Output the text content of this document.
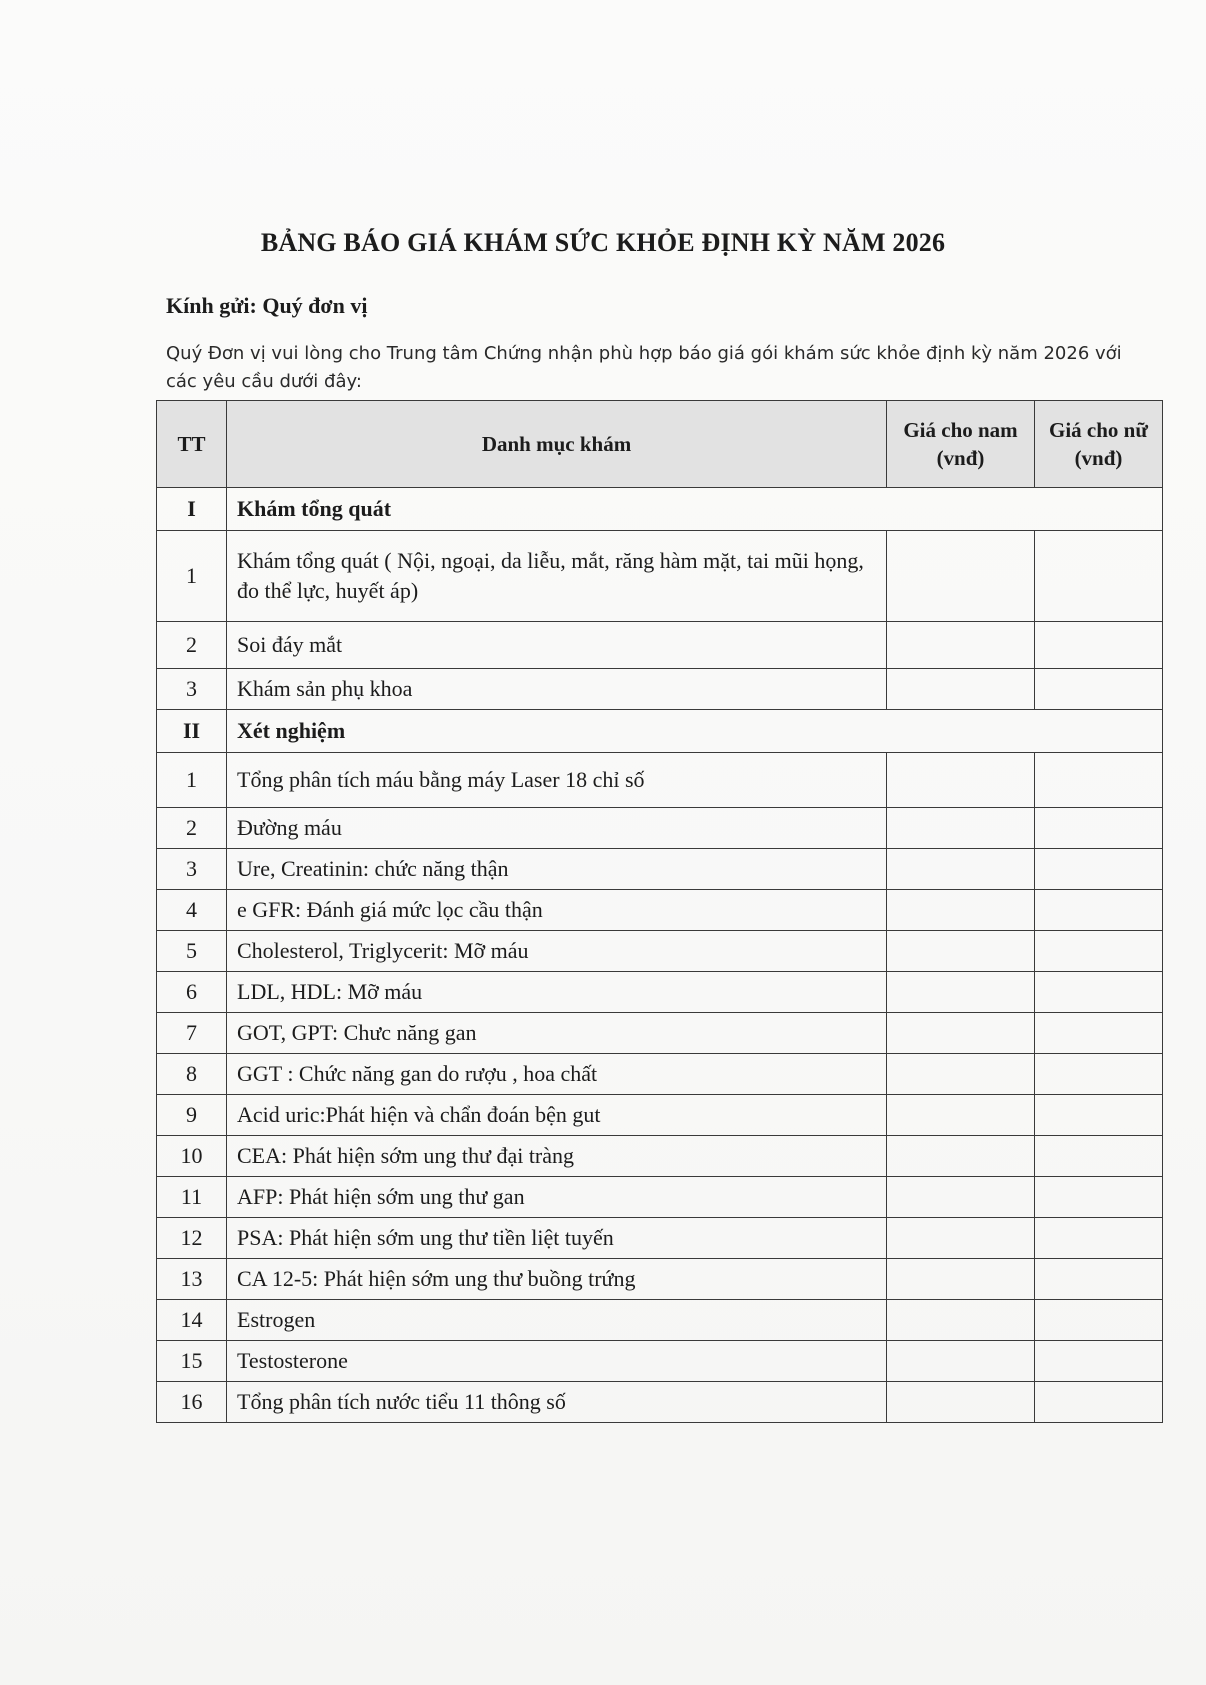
BẢNG BÁO GIÁ KHÁM SỨC KHỎE ĐỊNH KỲ NĂM 2026
Kính gửi: Quý đơn vị
Quý Đơn vị vui lòng cho Trung tâm Chứng nhận phù hợp báo giá gói khám sức khỏe định kỳ năm 2026 với các yêu cầu dưới đây:
TT	Danh mục khám	Giá cho nam (vnđ)	Giá cho nữ (vnđ)
I	Khám tổng quát		
1	Khám tổng quát ( Nội, ngoại, da liễu, mắt, răng hàm mặt, tai mũi họng, đo thể lực, huyết áp)		
2	Soi đáy mắt		
3	Khám sản phụ khoa		
II	Xét nghiệm		
1	Tổng phân tích máu bằng máy Laser 18 chỉ số		
2	Đường máu		
3	Ure, Creatinin: chức năng thận		
4	e GFR: Đánh giá mức lọc cầu thận		
5	Cholesterol, Triglycerit: Mỡ máu		
6	LDL, HDL: Mỡ máu		
7	GOT, GPT: Chưc năng gan		
8	GGT : Chức năng gan do rượu , hoa chất		
9	Acid uric:Phát hiện và chẩn đoán bện gut		
10	CEA: Phát hiện sớm ung thư đại tràng		
11	AFP: Phát hiện sớm ung thư gan		
12	PSA: Phát hiện sớm ung thư tiền liệt tuyến		
13	CA 12-5: Phát hiện sớm ung thư buồng trứng		
14	Estrogen		
15	Testosterone		
16	Tổng phân tích nước tiểu 11 thông số		
